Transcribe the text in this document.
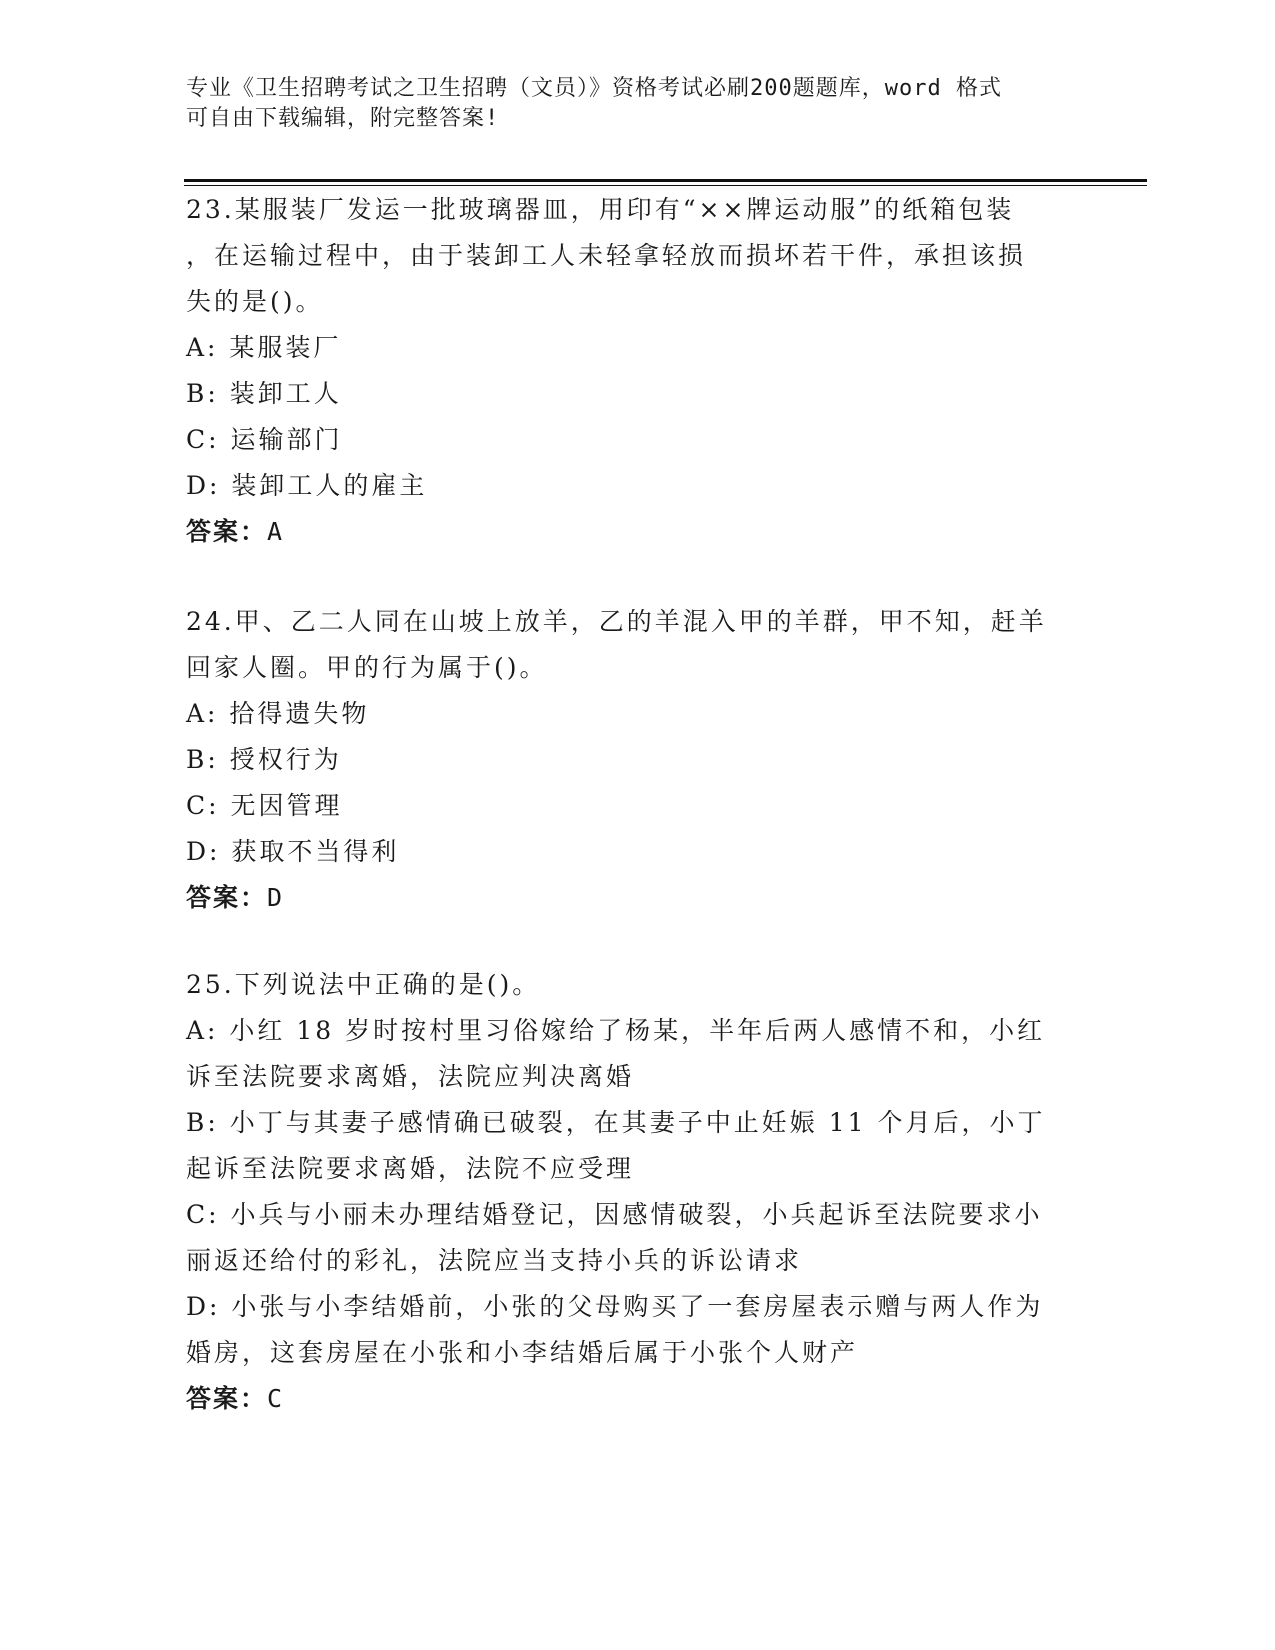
专业《卫生招聘考试之卫生招聘（文员）》资格考试必刷200题题库，word 格式
可自由下载编辑，附完整答案!

23.某服装厂发运一批玻璃器皿，用印有“××牌运动服”的纸箱包装

，在运输过程中，由于装卸工人未轻拿轻放而损坏若干件，承担该损

失的是()。

A: 某服装厂

B: 装卸工人

C: 运输部门

D: 装卸工人的雇主

答案：A

24.甲、乙二人同在山坡上放羊，乙的羊混入甲的羊群，甲不知，赶羊

回家人圈。甲的行为属于()。

A: 拾得遗失物

B: 授权行为

C: 无因管理

D: 获取不当得利

答案：D

25.下列说法中正确的是()。

A: 小红 18 岁时按村里习俗嫁给了杨某，半年后两人感情不和，小红

诉至法院要求离婚，法院应判决离婚

B: 小丁与其妻子感情确已破裂，在其妻子中止妊娠 11 个月后，小丁

起诉至法院要求离婚，法院不应受理

C: 小兵与小丽未办理结婚登记，因感情破裂，小兵起诉至法院要求小

丽返还给付的彩礼，法院应当支持小兵的诉讼请求

D: 小张与小李结婚前，小张的父母购买了一套房屋表示赠与两人作为

婚房，这套房屋在小张和小李结婚后属于小张个人财产

答案：C
